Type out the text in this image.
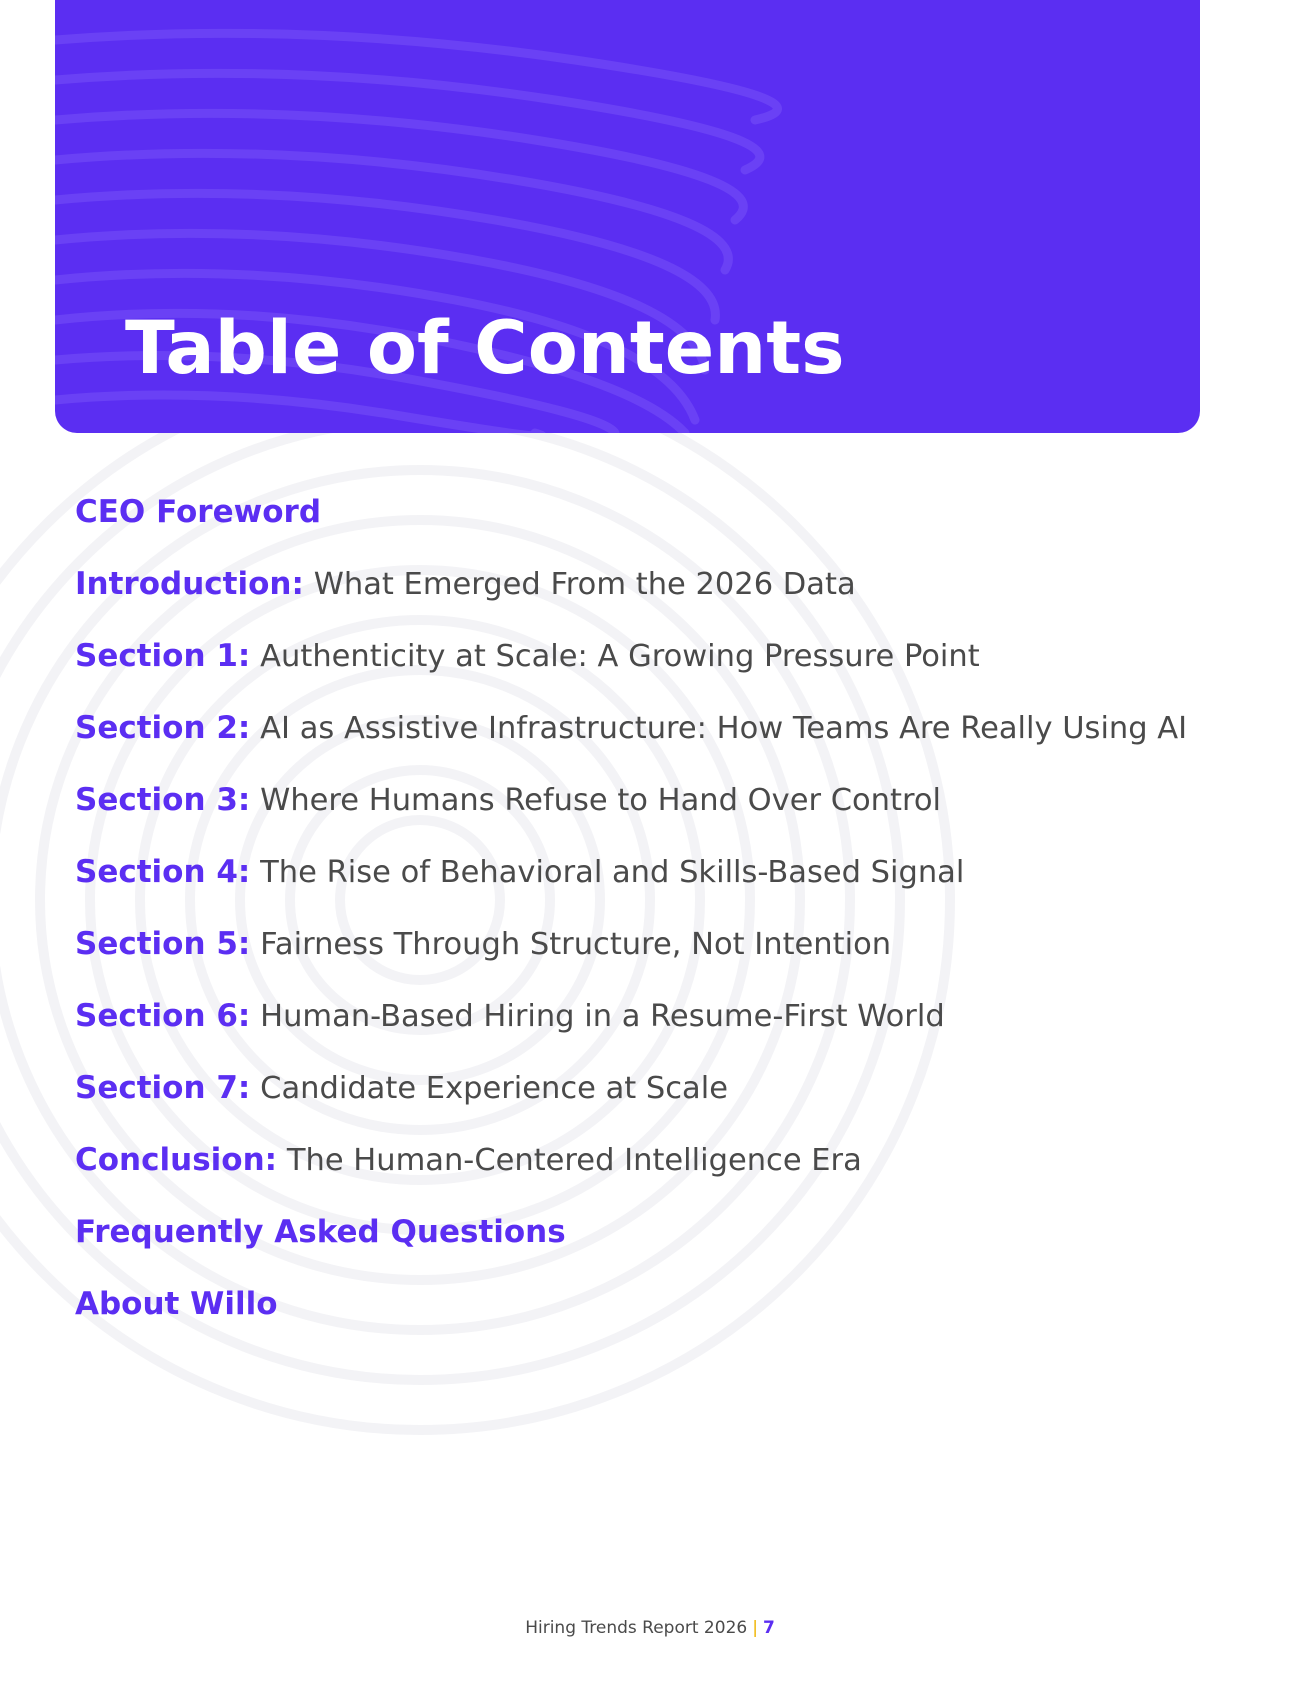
Table of Contents
CEO Foreword
Introduction: What Emerged From the 2026 Data
Section 1: Authenticity at Scale: A Growing Pressure Point
Section 2: AI as Assistive Infrastructure: How Teams Are Really Using AI
Section 3: Where Humans Refuse to Hand Over Control
Section 4: The Rise of Behavioral and Skills-Based Signal
Section 5: Fairness Through Structure, Not Intention
Section 6: Human-Based Hiring in a Resume-First World
Section 7: Candidate Experience at Scale
Conclusion: The Human-Centered Intelligence Era
Frequently Asked Questions
About Willo
Hiring Trends Report 2026 | 7
